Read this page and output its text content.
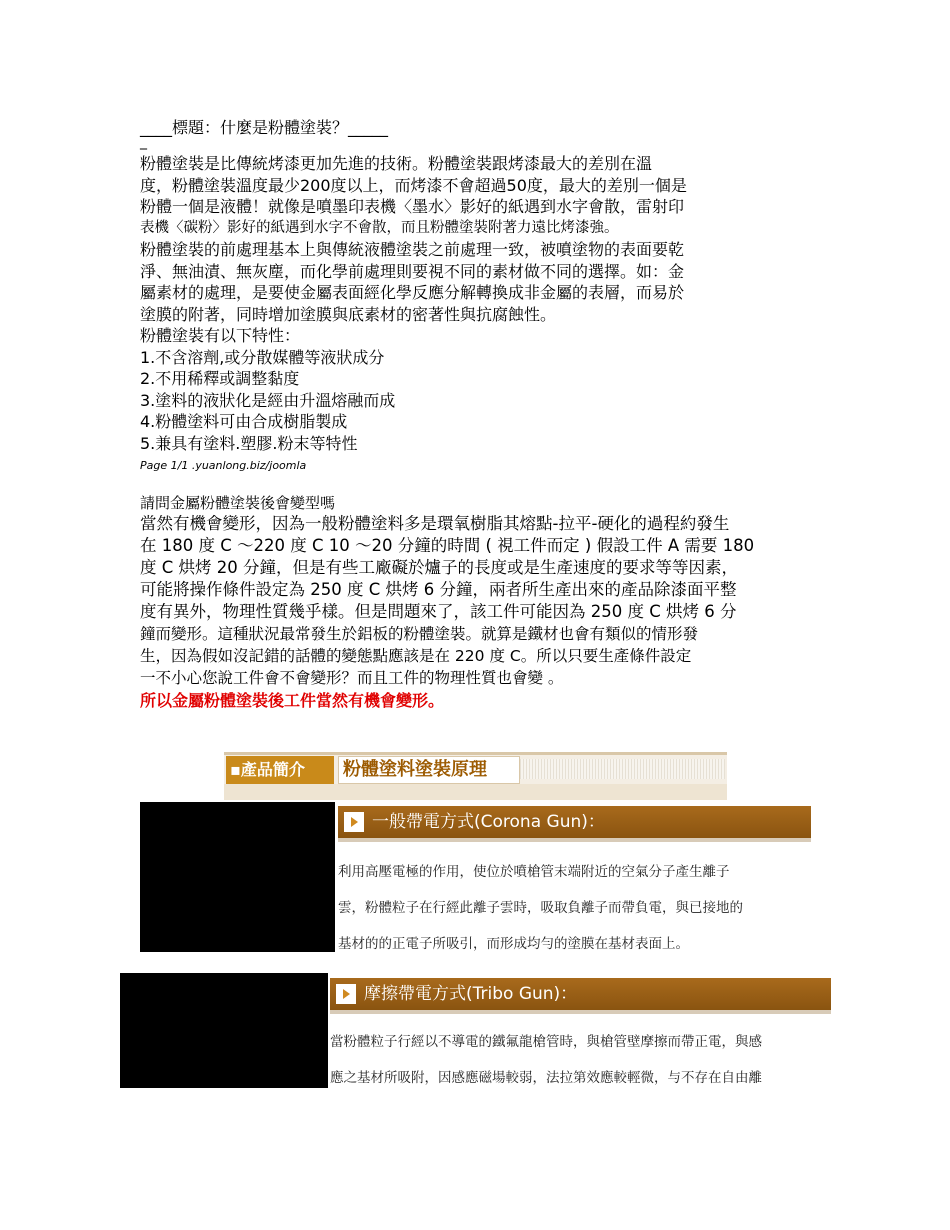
____標題：什麼是粉體塗裝？_____
_
粉體塗裝是比傳統烤漆更加先進的技術。粉體塗裝跟烤漆最大的差別在溫
度，粉體塗裝溫度最少200度以上，而烤漆不會超過50度，最大的差別一個是
粉體一個是液體！就像是噴墨印表機〈墨水〉影好的紙遇到水字會散，雷射印
表機〈碳粉〉影好的紙遇到水字不會散，而且粉體塗裝附著力遠比烤漆強。
粉體塗裝的前處理基本上與傳統液體塗裝之前處理一致，被噴塗物的表面要乾
淨、無油漬、無灰塵，而化學前處理則要視不同的素材做不同的選擇。如：金
屬素材的處理，是要使金屬表面經化學反應分解轉換成非金屬的表層，而易於
塗膜的附著，同時增加塗膜與底素材的密著性與抗腐蝕性。
粉體塗裝有以下特性：
1.不含溶劑,或分散媒體等液狀成分
2.不用稀釋或調整黏度
3.塗料的液狀化是經由升溫熔融而成
4.粉體塗料可由合成樹脂製成
5.兼具有塗料.塑膠.粉末等特性
Page 1/1 .yuanlong.biz/joomla
請問金屬粉體塗裝後會變型嗎
當然有機會變形，因為一般粉體塗料多是環氧樹脂其熔點-拉平-硬化的過程約發生
在 180 度 C ～220 度 C 10 ～20 分鐘的時間 ( 視工件而定 ) 假設工件 A 需要 180
度 C 烘烤 20 分鐘，但是有些工廠礙於爐子的長度或是生產速度的要求等等因素，
可能將操作條件設定為 250 度 C 烘烤 6 分鐘，兩者所生產出來的產品除漆面平整
度有異外，物理性質幾乎樣。但是問題來了，該工件可能因為 250 度 C 烘烤 6 分
鐘而變形。這種狀況最常發生於鋁板的粉體塗裝。就算是鐵材也會有類似的情形發
生，因為假如沒記錯的話體的變態點應該是在 220 度 C。所以只要生產條件設定
一不小心您說工件會不會變形？而且工件的物理性質也會變 。
所以金屬粉體塗裝後工件當然有機會變形。
▪產品簡介	粉體塗料塗裝原理
一般帶電方式(Corona Gun)：
利用高壓電極的作用，使位於噴槍管末端附近的空氣分子產生離子
雲，粉體粒子在行經此離子雲時，吸取負離子而帶負電，與已接地的
基材的的正電子所吸引，而形成均勻的塗膜在基材表面上。
摩擦帶電方式(Tribo Gun)：
當粉體粒子行經以不導電的鐵氟龍槍管時，與槍管壁摩擦而帶正電，與感
應之基材所吸附，因感應磁場較弱，法拉第效應較輕微，与不存在自由離
